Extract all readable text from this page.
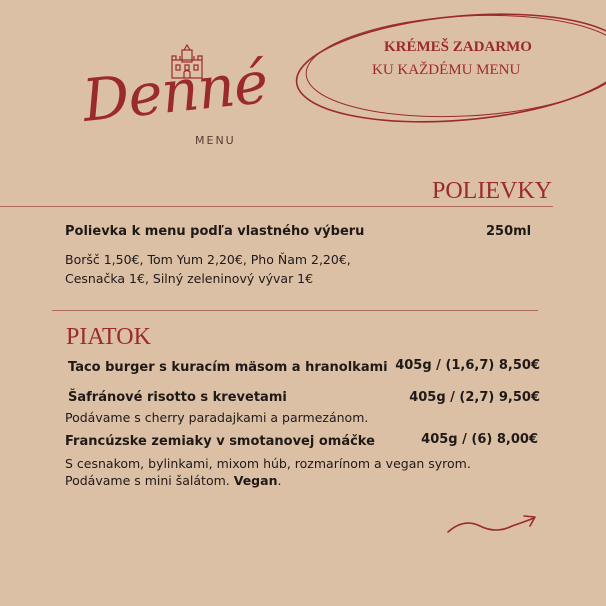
Denné
MENU
KRÉMEŠ ZADARMO
KU KAŽDÉMU MENU
POLIEVKY
Polievka k menu podľa vlastného výberu	250ml
Boršč 1,50€, Tom Yum 2,20€, Pho Ňam 2,20€,
Cesnačka 1€, Silný zeleninový vývar 1€
PIATOK
Taco burger s kuracím mäsom a hranolkami 405g / (1,6,7) 8,50€
Šafránové risotto s krevetami	405g / (2,7) 9,50€
Podávame s cherry paradajkami a parmezánom.
Francúzske zemiaky v smotanovej omáčke	405g / (6) 8,00€
S cesnakom, bylinkami, mixom húb, rozmarínom a vegan syrom.
Podávame s mini šalátom. Vegan.
